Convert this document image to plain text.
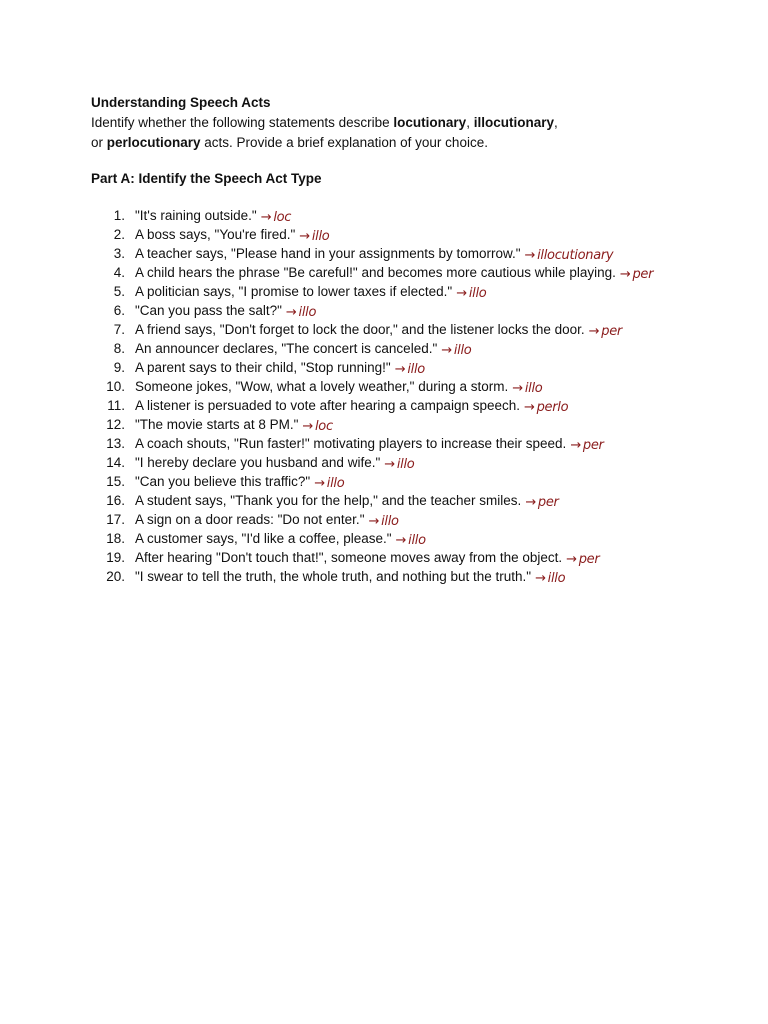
Understanding Speech Acts
Identify whether the following statements describe locutionary, illocutionary,
or perlocutionary acts. Provide a brief explanation of your choice.
Part A: Identify the Speech Act Type
1. "It's raining outside." → loc
2. A boss says, "You're fired." → illo
3. A teacher says, "Please hand in your assignments by tomorrow." → illocutionary
4. A child hears the phrase "Be careful!" and becomes more cautious while playing. → per
5. A politician says, "I promise to lower taxes if elected." → illo
6. "Can you pass the salt?" → illo
7. A friend says, "Don't forget to lock the door," and the listener locks the door. → per
8. An announcer declares, "The concert is canceled." → illo
9. A parent says to their child, "Stop running!" → illo
10. Someone jokes, "Wow, what a lovely weather," during a storm. → illo
11. A listener is persuaded to vote after hearing a campaign speech. → perlo
12. "The movie starts at 8 PM." → loc
13. A coach shouts, "Run faster!" motivating players to increase their speed. → per
14. "I hereby declare you husband and wife." → illo
15. "Can you believe this traffic?" → illo
16. A student says, "Thank you for the help," and the teacher smiles. → per
17. A sign on a door reads: "Do not enter." → illo
18. A customer says, "I'd like a coffee, please." → illo
19. After hearing "Don't touch that!", someone moves away from the object. → per
20. "I swear to tell the truth, the whole truth, and nothing but the truth." → illo
